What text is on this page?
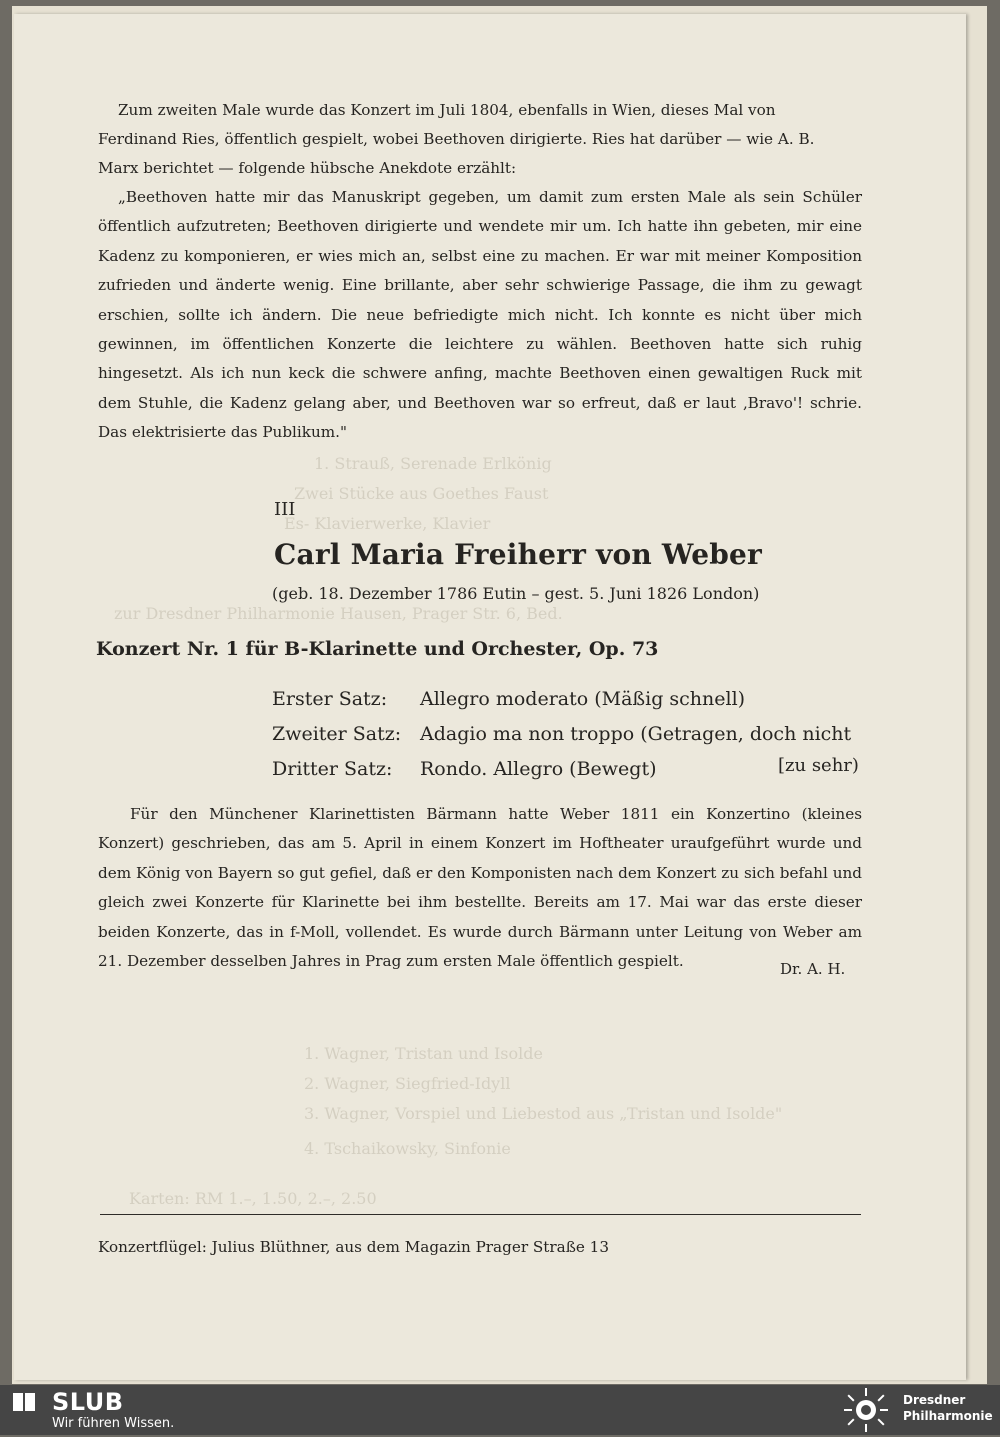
1. Strauß, Serenade Erlkönig
Zwei Stücke aus Goethes Faust
Es- Klavierwerke, Klavier
zur Dresdner Philharmonie Hausen, Prager Str. 6, Bed.
1. Wagner, Tristan und Isolde
2. Wagner, Siegfried-Idyll
3. Wagner, Vorspiel und Liebestod aus „Tristan und Isolde"
4. Tschaikowsky, Sinfonie
Karten: RM 1.–, 1.50, 2.–, 2.50
Zum zweiten Male wurde das Konzert im Juli 1804, ebenfalls in Wien, dieses Mal von
Ferdinand Ries, öffentlich gespielt, wobei Beethoven dirigierte. Ries hat darüber — wie A. B.
Marx berichtet — folgende hübsche Anekdote erzählt:
„Beethoven hatte mir das Manuskript gegeben, um damit zum ersten Male als sein Schüler öffentlich aufzutreten; Beethoven dirigierte und wendete mir um. Ich hatte ihn gebeten, mir eine Kadenz zu komponieren, er wies mich an, selbst eine zu machen. Er war mit meiner Komposition zufrieden und änderte wenig. Eine brillante, aber sehr schwierige Passage, die ihm zu gewagt erschien, sollte ich ändern. Die neue befriedigte mich nicht. Ich konnte es nicht über mich gewinnen, im öffentlichen Konzerte die leichtere zu wählen. Beethoven hatte sich ruhig hingesetzt. Als ich nun keck die schwere anfing, machte Beethoven einen gewaltigen Ruck mit dem Stuhle, die Kadenz gelang aber, und Beethoven war so erfreut, daß er laut ‚Bravo'! schrie. Das elektrisierte das Publikum."
III
Carl Maria Freiherr von Weber
(geb. 18. Dezember 1786 Eutin – gest. 5. Juni 1826 London)
Konzert Nr. 1 für B-Klarinette und Orchester, Op. 73
Erster Satz: Allegro moderato (Mäßig schnell)
Zweiter Satz: Adagio ma non troppo (Getragen, doch nicht
Dritter Satz: Rondo. Allegro (Bewegt)	[zu sehr)
Für den Münchener Klarinettisten Bärmann hatte Weber 1811 ein Konzertino (kleines Konzert) geschrieben, das am 5. April in einem Konzert im Hoftheater uraufgeführt wurde und dem König von Bayern so gut gefiel, daß er den Komponisten nach dem Konzert zu sich befahl und gleich zwei Konzerte für Klarinette bei ihm bestellte. Bereits am 17. Mai war das erste dieser beiden Konzerte, das in f-Moll, vollendet. Es wurde durch Bärmann unter Leitung von Weber am 21. Dezember desselben Jahres in Prag zum ersten Male öffentlich gespielt.	Dr. A. H.
Konzertflügel: Julius Blüthner, aus dem Magazin Prager Straße 13
SLUB
Wir führen Wissen.
Dresdner
Philharmonie
